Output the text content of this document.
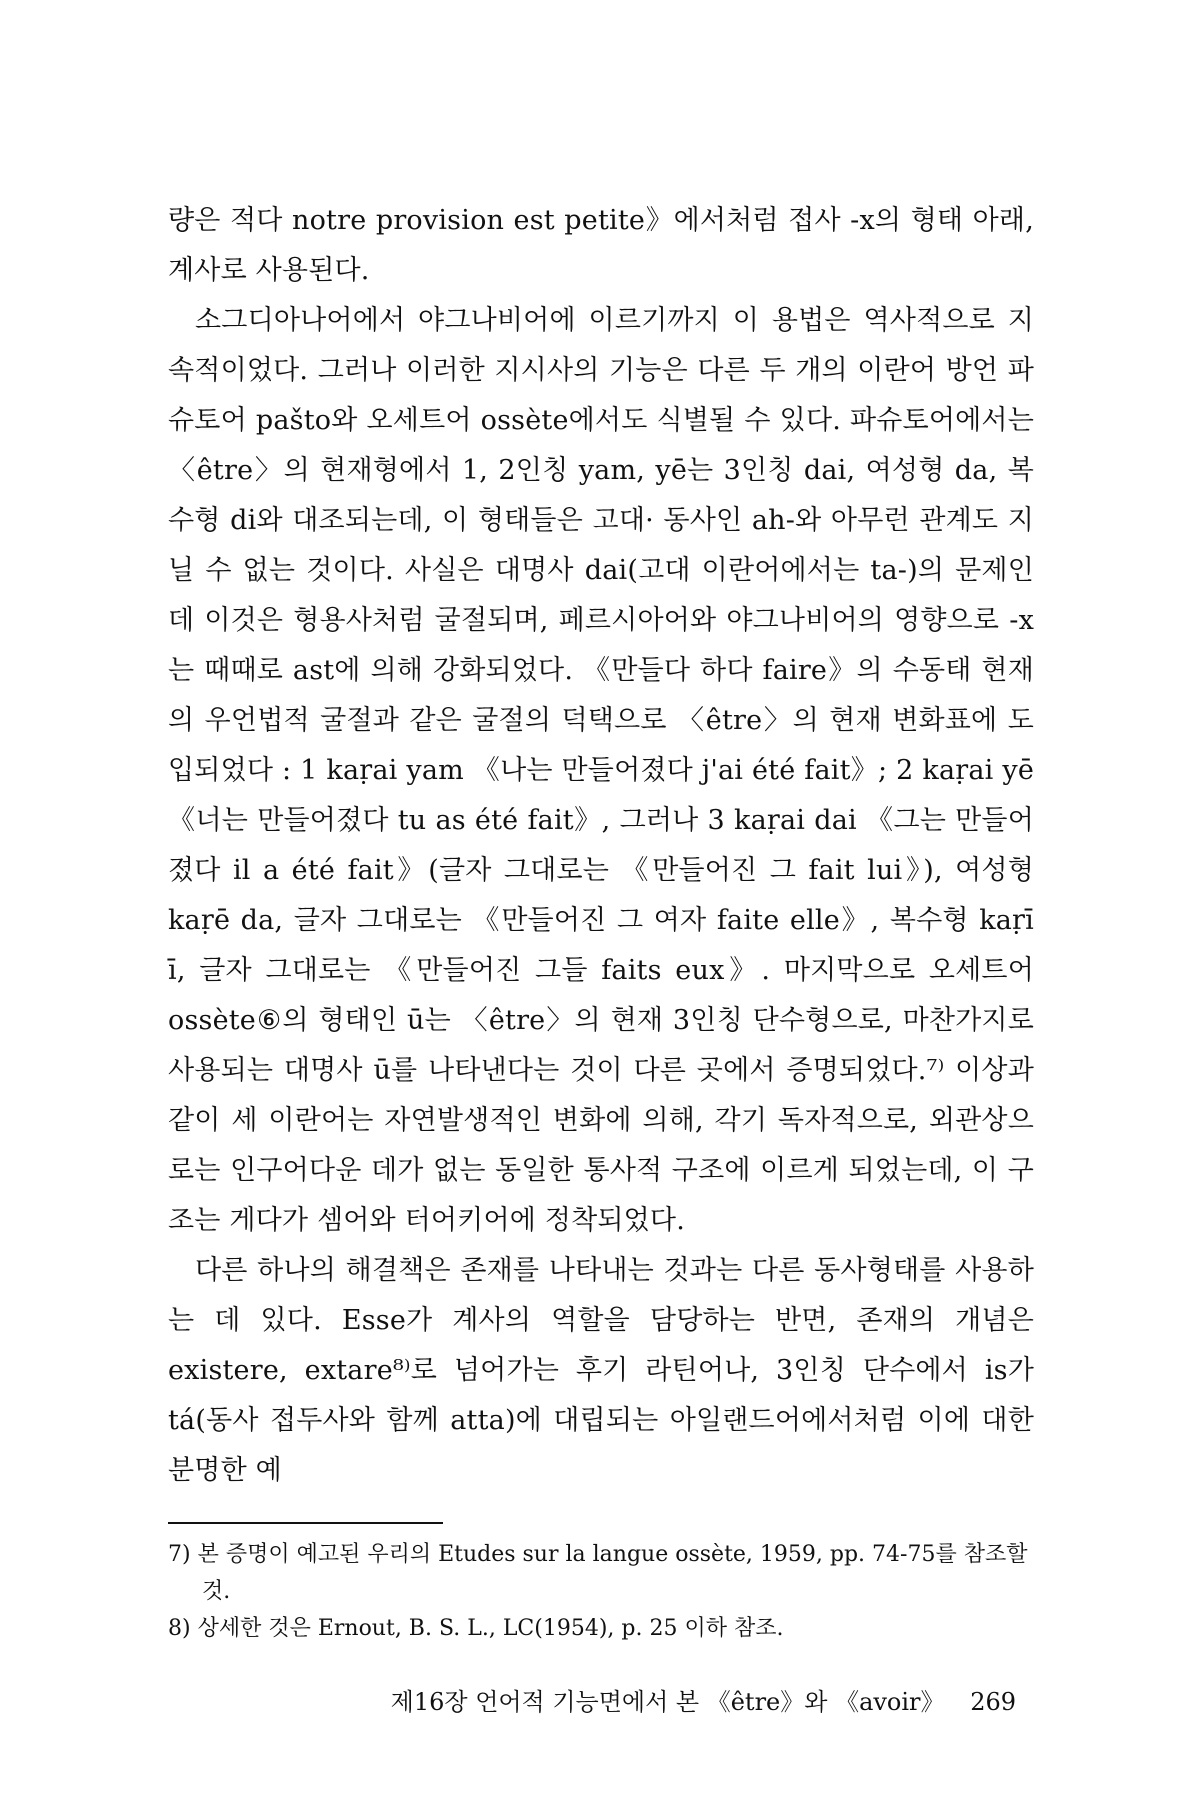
량은 적다 notre provision est petite》에서처럼 접사 -x의 형태 아래, 계사로 사용된다.

소그디아나어에서 야그나비어에 이르기까지 이 용법은 역사적으로 지속적이었다. 그러나 이러한 지시사의 기능은 다른 두 개의 이란어 방언 파슈토어 pašto와 오세트어 ossète에서도 식별될 수 있다. 파슈토어에서는 〈être〉의 현재형에서 1, 2인칭 yam, yē는 3인칭 dai, 여성형 da, 복수형 di와 대조되는데, 이 형태들은 고대· 동사인 ah-와 아무런 관계도 지닐 수 없는 것이다. 사실은 대명사 dai(고대 이란어에서는 ta-)의 문제인데 이것은 형용사처럼 굴절되며, 페르시아어와 야그나비어의 영향으로 -x는 때때로 ast에 의해 강화되었다. 《만들다 하다 faire》의 수동태 현재의 우언법적 굴절과 같은 굴절의 덕택으로 〈être〉의 현재 변화표에 도입되었다 : 1 kaṛai yam 《나는 만들어졌다 j'ai été fait》; 2 kaṛai yē 《너는 만들어졌다 tu as été fait》, 그러나 3 kaṛai dai 《그는 만들어졌다 il a été fait》(글자 그대로는 《만들어진 그 fait lui》), 여성형 kaṛē da, 글자 그대로는 《만들어진 그 여자 faite elle》, 복수형 kaṛī ī, 글자 그대로는 《만들어진 그들 faits eux》. 마지막으로 오세트어 ossète⑥의 형태인 ū는 〈être〉의 현재 3인칭 단수형으로, 마찬가지로 사용되는 대명사 ū를 나타낸다는 것이 다른 곳에서 증명되었다.⁷⁾ 이상과 같이 세 이란어는 자연발생적인 변화에 의해, 각기 독자적으로, 외관상으로는 인구어다운 데가 없는 동일한 통사적 구조에 이르게 되었는데, 이 구조는 게다가 셈어와 터어키어에 정착되었다.

다른 하나의 해결책은 존재를 나타내는 것과는 다른 동사형태를 사용하는 데 있다. Esse가 계사의 역할을 담당하는 반면, 존재의 개념은 existere, extare⁸⁾로 넘어가는 후기 라틴어나, 3인칭 단수에서 is가 tá(동사 접두사와 함께 atta)에 대립되는 아일랜드어에서처럼 이에 대한 분명한 예

7) 본 증명이 예고된 우리의 Etudes sur la langue ossète, 1959, pp. 74-75를 참조할 것.

8) 상세한 것은 Ernout, B. S. L., LC(1954), p. 25 이하 참조.

제16장 언어적 기능면에서 본 《être》와 《avoir》 269
